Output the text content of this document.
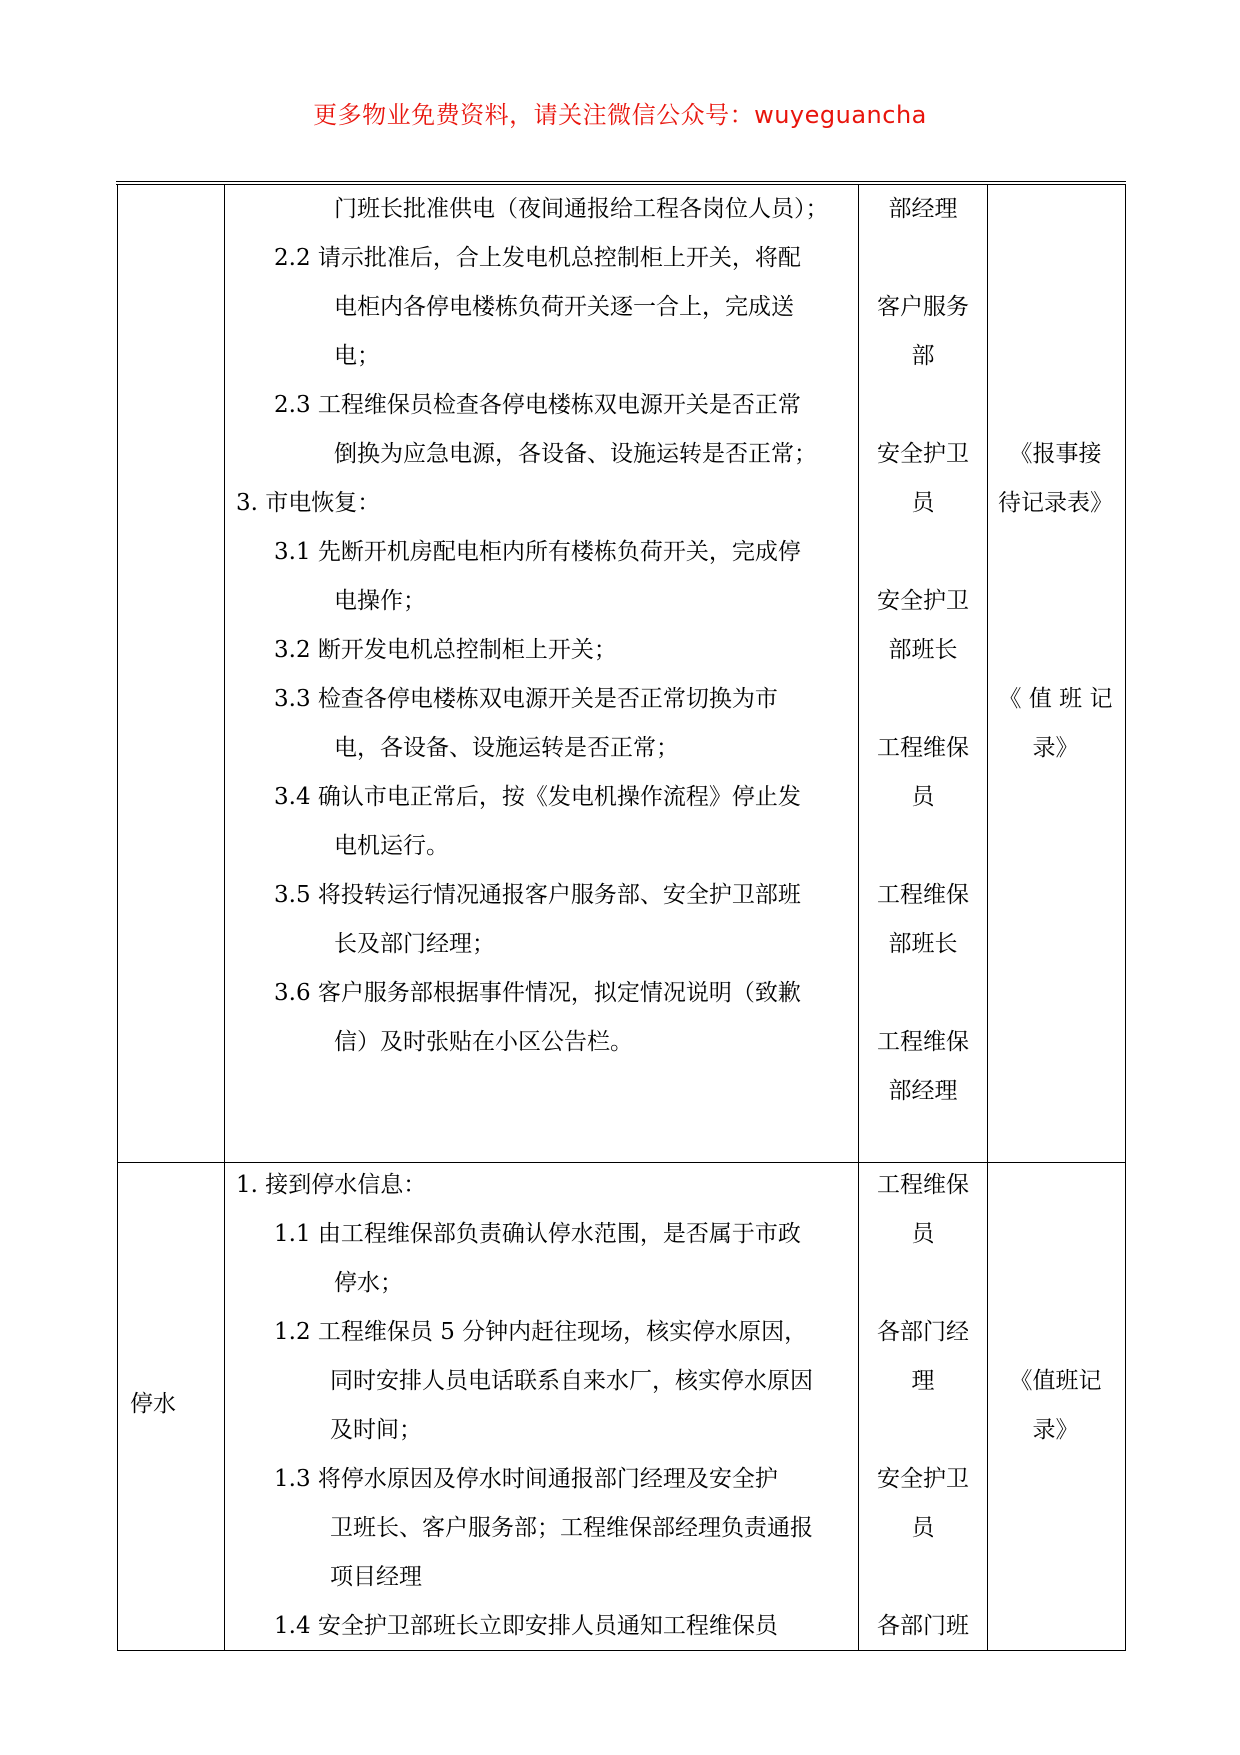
更多物业免费资料，请关注微信公众号：wuyeguancha
门班长批准供电（夜间通报给工程各岗位人员）；
2.2 请示批准后，合上发电机总控制柜上开关，将配
电柜内各停电楼栋负荷开关逐一合上，完成送
电；
2.3 工程维保员检查各停电楼栋双电源开关是否正常
倒换为应急电源，各设备、设施运转是否正常；
3. 市电恢复：
3.1 先断开机房配电柜内所有楼栋负荷开关，完成停
电操作；
3.2 断开发电机总控制柜上开关；
3.3 检查各停电楼栋双电源开关是否正常切换为市
电，各设备、设施运转是否正常；
3.4 确认市电正常后，按《发电机操作流程》停止发
电机运行。
3.5 将投转运行情况通报客户服务部、安全护卫部班
长及部门经理；
3.6 客户服务部根据事件情况，拟定情况说明（致歉
信）及时张贴在小区公告栏。
部经理
客户服务
部
安全护卫
员
安全护卫
部班长
工程维保
员
工程维保
部班长
工程维保
部经理
《报事接
待记录表》
《 值 班 记
录》
停水
1. 接到停水信息：
1.1 由工程维保部负责确认停水范围，是否属于市政
停水；
1.2 工程维保员 5 分钟内赶往现场，核实停水原因，
同时安排人员电话联系自来水厂，核实停水原因
及时间；
1.3 将停水原因及停水时间通报部门经理及安全护
卫班长、客户服务部；工程维保部经理负责通报
项目经理
1.4 安全护卫部班长立即安排人员通知工程维保员
工程维保
员
各部门经
理
安全护卫
员
各部门班
《值班记
录》
